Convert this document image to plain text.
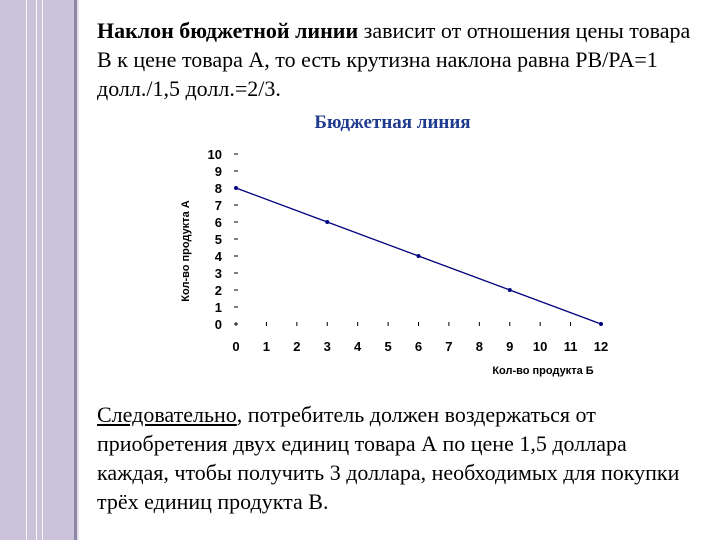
Наклон бюджетной линии зависит от отношения цены товара В к цене товара А, то есть крутизна наклона равна PB/PA=1 долл./1,5 долл.=2/3.
Бюджетная линия
0 1 2 3 4 5 6 7 8 9 10 11 12
0
1
2
3
4
5
6
7
8
9
10
Кол-во продукта Б
Кол-во продукта А
Следовательно, потребитель должен воздержаться от приобретения двух единиц товара А по цене 1,5 доллара каждая, чтобы получить 3 доллара, необходимых для покупки трёх единиц продукта В.
